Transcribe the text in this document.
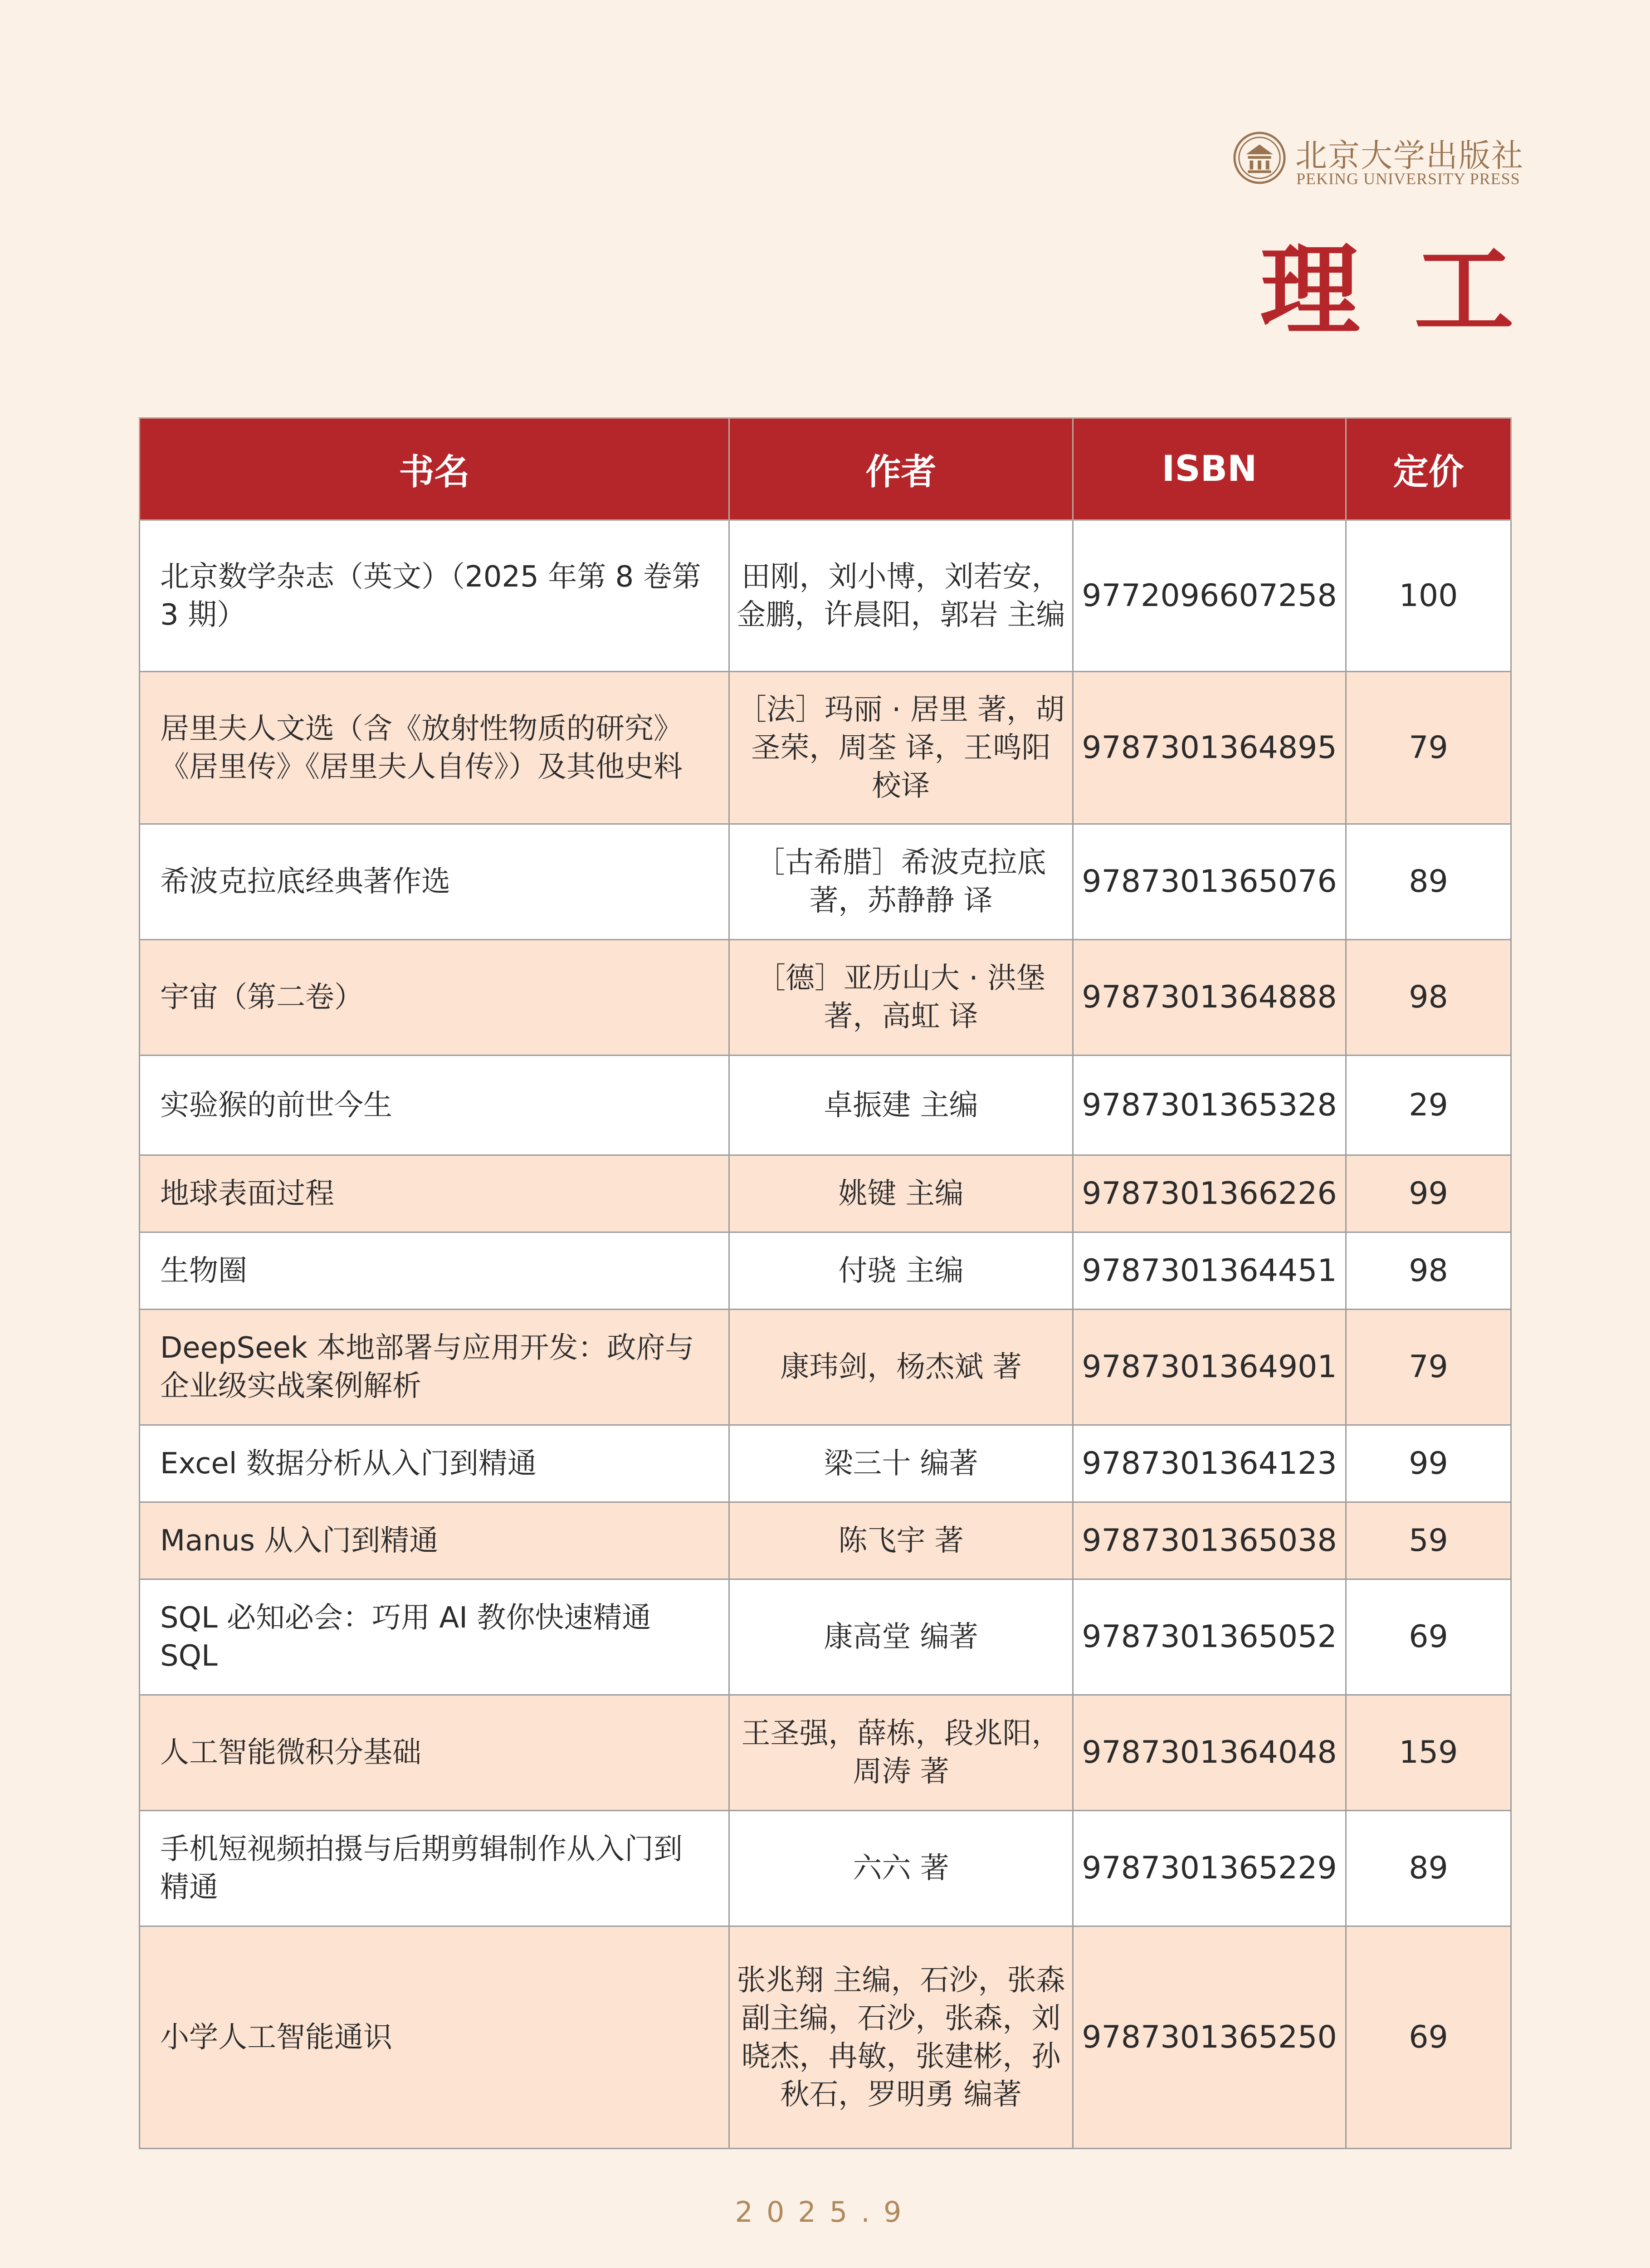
北京大学出版社
PEKING UNIVERSITY PRESS
理工
书名	作者	ISBN	定价
北京数学杂志（英文）（2025 年第 8 卷第 3 期）	田刚，刘小博，刘若安，金鹏，许晨阳，郭岩 主编	9772096607258	100
居里夫人文选（含《放射性物质的研究》《居里传》《居里夫人自传》）及其他史料	［法］玛丽 · 居里 著，胡圣荣，周荃 译，王鸣阳 校译	9787301364895	79
希波克拉底经典著作选	［古希腊］希波克拉底 著，苏静静 译	9787301365076	89
宇宙（第二卷）	［德］亚历山大 · 洪堡 著，高虹 译	9787301364888	98
实验猴的前世今生	卓振建 主编	9787301365328	29
地球表面过程	姚键 主编	9787301366226	99
生物圈	付骁 主编	9787301364451	98
DeepSeek 本地部署与应用开发：政府与企业级实战案例解析	康玮剑，杨杰斌 著	9787301364901	79
Excel 数据分析从入门到精通	梁三十 编著	9787301364123	99
Manus 从入门到精通	陈飞宇 著	9787301365038	59
SQL 必知必会：巧用 AI 教你快速精通 SQL	康高堂 编著	9787301365052	69
人工智能微积分基础	王圣强，薛栋，段兆阳，周涛 著	9787301364048	159
手机短视频拍摄与后期剪辑制作从入门到精通	六六 著	9787301365229	89
小学人工智能通识	张兆翔 主编，石沙，张森 副主编，石沙，张森，刘晓杰，冉敏，张建彬，孙秋石，罗明勇 编著	9787301365250	69
2025.9
